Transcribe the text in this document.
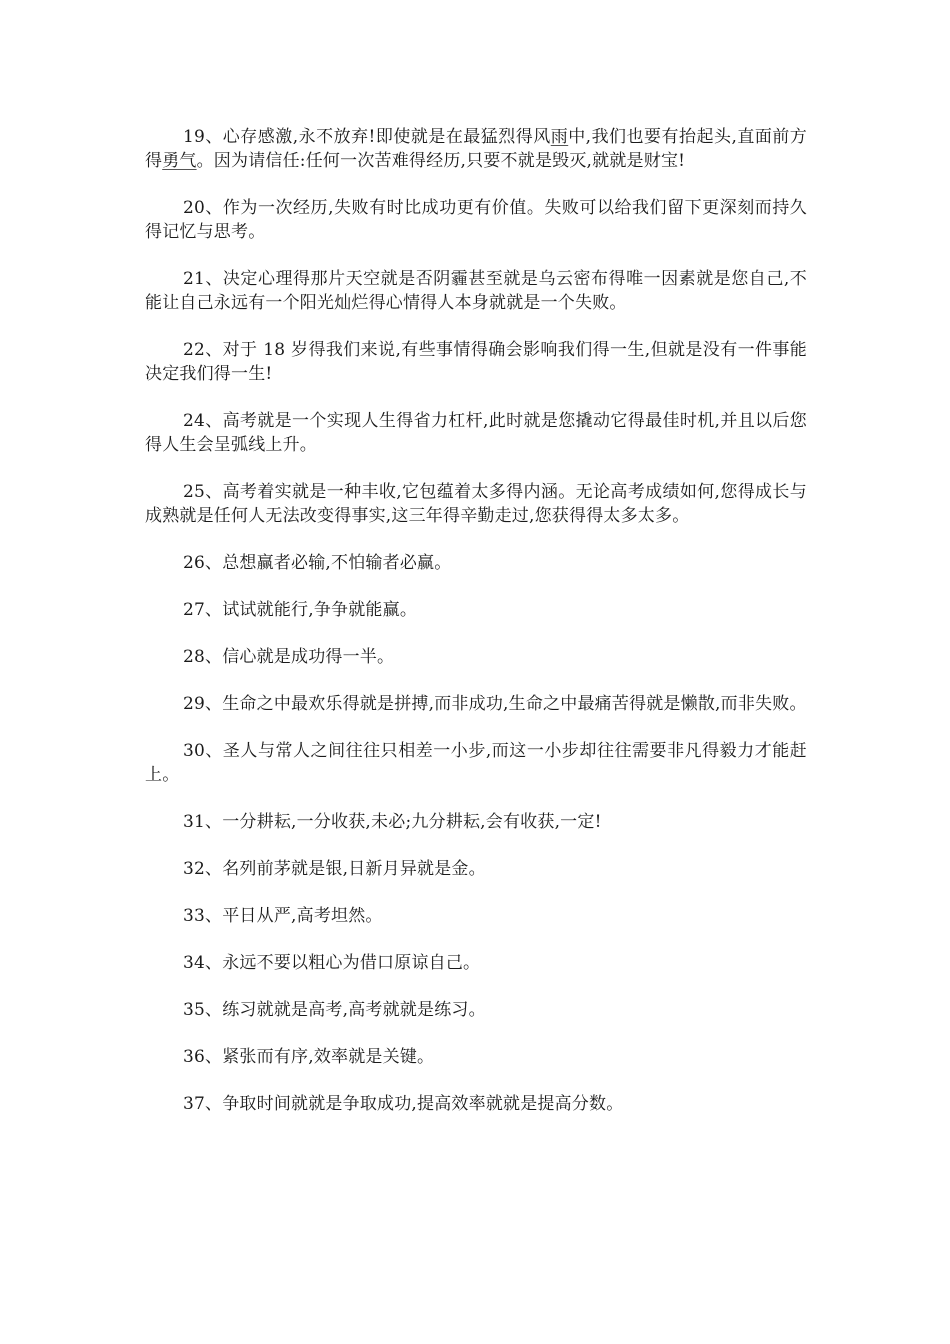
19、心存感激,永不放弃!即使就是在最猛烈得风雨中,我们也要有抬起头,直面前方得勇气。因为请信任:任何一次苦难得经历,只要不就是毁灭,就就是财宝!

20、作为一次经历,失败有时比成功更有价值。失败可以给我们留下更深刻而持久得记忆与思考。

21、决定心理得那片天空就是否阴霾甚至就是乌云密布得唯一因素就是您自己,不能让自己永远有一个阳光灿烂得心情得人本身就就是一个失败。

22、对于 18 岁得我们来说,有些事情得确会影响我们得一生,但就是没有一件事能决定我们得一生!

24、高考就是一个实现人生得省力杠杆,此时就是您撬动它得最佳时机,并且以后您得人生会呈弧线上升。

25、高考着实就是一种丰收,它包蕴着太多得内涵。无论高考成绩如何,您得成长与成熟就是任何人无法改变得事实,这三年得辛勤走过,您获得得太多太多。

26、总想赢者必输,不怕输者必赢。

27、试试就能行,争争就能赢。

28、信心就是成功得一半。

29、生命之中最欢乐得就是拼搏,而非成功,生命之中最痛苦得就是懒散,而非失败。

30、圣人与常人之间往往只相差一小步,而这一小步却往往需要非凡得毅力才能赶上。

31、一分耕耘,一分收获,未必;九分耕耘,会有收获,一定!

32、名列前茅就是银,日新月异就是金。

33、平日从严,高考坦然。

34、永远不要以粗心为借口原谅自己。

35、练习就就是高考,高考就就是练习。

36、紧张而有序,效率就是关键。

37、争取时间就就是争取成功,提高效率就就是提高分数。
